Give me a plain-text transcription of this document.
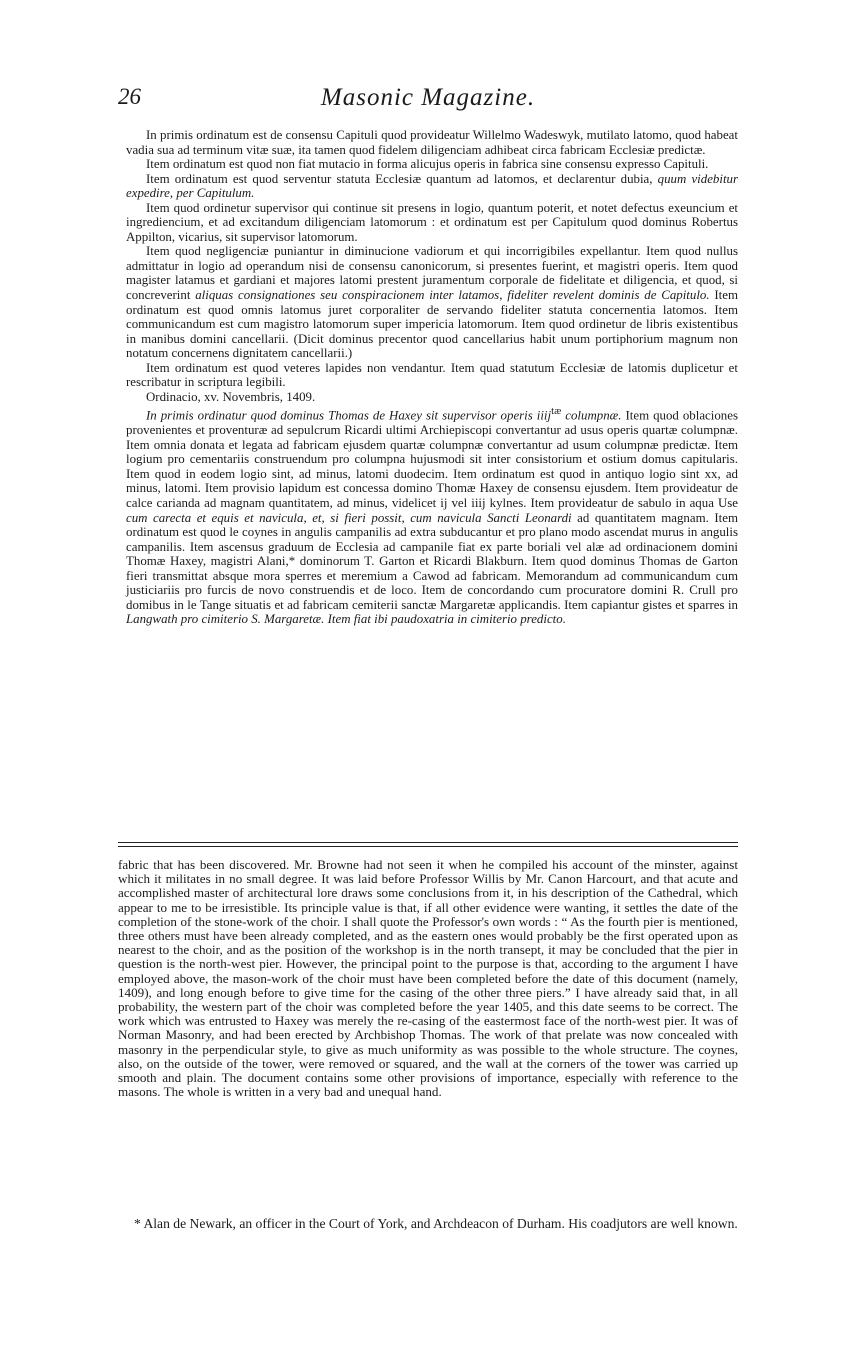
26	Masonic Magazine.

In primis ordinatum est de consensu Capituli quod provideatur Willelmo Wadeswyk, mutilato latomo, quod habeat vadia sua ad terminum vitæ suæ, ita tamen quod fidelem diligenciam adhibeat circa fabricam Ecclesiæ predictæ.

Item ordinatum est quod non fiat mutacio in forma alicujus operis in fabrica sine consensu expresso Capituli.

Item ordinatum est quod serventur statuta Ecclesiæ quantum ad latomos, et declarentur dubia, quum videbitur expedire, per Capitulum.

Item quod ordinetur supervisor qui continue sit presens in logio, quantum poterit, et notet defectus exeuncium et ingrediencium, et ad excitandum diligenciam latomorum : et ordinatum est per Capitulum quod dominus Robertus Appilton, vicarius, sit supervisor latomorum.

Item quod negligenciæ puniantur in diminucione vadiorum et qui incorrigibiles expellantur. Item quod nullus admittatur in logio ad operandum nisi de consensu canonicorum, si presentes fuerint, et magistri operis. Item quod magister latamus et gardiani et majores latomi prestent juramentum corporale de fidelitate et diligencia, et quod, si concreverint aliquas consignationes seu conspiracionem inter latamos, fideliter revelent dominis de Capitulo. Item ordinatum est quod omnis latomus juret corporaliter de servando fideliter statuta concernentia latomos. Item communicandum est cum magistro latomorum super impericia latomorum. Item quod ordinetur de libris existentibus in manibus domini cancellarii. (Dicit dominus precentor quod cancellarius habit unum portiphorium magnum non notatum concernens dignitatem cancellarii.)

Item ordinatum est quod veteres lapides non vendantur. Item quad statutum Ecclesiæ de latomis duplicetur et rescribatur in scriptura legibili.

Ordinacio, xv. Novembris, 1409.

In primis ordinatur quod dominus Thomas de Haxey sit supervisor operis iiij$^{tæ}$ columpnæ. Item quod oblaciones provenientes et proventuræ ad sepulcrum Ricardi ultimi Archiepiscopi convertantur ad usus operis quartæ columpnæ. Item omnia donata et legata ad fabricam ejusdem quartæ columpnæ convertantur ad usum columpnæ predictæ. Item logium pro cementariis construendum pro columpna hujusmodi sit inter consistorium et ostium domus capitularis. Item quod in eodem logio sint, ad minus, latomi duodecim. Item ordinatum est quod in antiquo logio sint xx, ad minus, latomi. Item provisio lapidum est concessa domino Thomæ Haxey de consensu ejusdem. Item provideatur de calce carianda ad magnam quantitatem, ad minus, videlicet ij vel iiij kylnes. Item provideatur de sabulo in aqua Use cum carecta et equis et navicula, et, si fieri possit, cum navicula Sancti Leonardi ad quantitatem magnam. Item ordinatum est quod le coynes in angulis campanilis ad extra subducantur et pro plano modo ascendat murus in angulis campanilis. Item ascensus graduum de Ecclesia ad campanile fiat ex parte boriali vel alæ ad ordinacionem domini Thomæ Haxey, magistri Alani,* dominorum T. Garton et Ricardi Blakburn. Item quod dominus Thomas de Garton fieri transmittat absque mora sperres et meremium a Cawod ad fabricam. Memorandum ad communicandum cum justiciariis pro furcis de novo construendis et de loco. Item de concordando cum procuratore domini R. Crull pro domibus in le Tange situatis et ad fabricam cemiterii sanctæ Margaretæ applicandis. Item capiantur gistes et sparres in Langwath pro cimiterio S. Margaretæ. Item fiat ibi paudoxatria in cimiterio predicto.

fabric that has been discovered. Mr. Browne had not seen it when he compiled his account of the minster, against which it militates in no small degree. It was laid before Professor Willis by Mr. Canon Harcourt, and that acute and accomplished master of architectural lore draws some conclusions from it, in his description of the Cathedral, which appear to me to be irresistible. Its principle value is that, if all other evidence were wanting, it settles the date of the completion of the stone-work of the choir. I shall quote the Professor's own words : “ As the fourth pier is mentioned, three others must have been already completed, and as the eastern ones would probably be the first operated upon as nearest to the choir, and as the position of the workshop is in the north transept, it may be concluded that the pier in question is the north-west pier. However, the principal point to the purpose is that, according to the argument I have employed above, the mason-work of the choir must have been completed before the date of this document (namely, 1409), and long enough before to give time for the casing of the other three piers.” I have already said that, in all probability, the western part of the choir was completed before the year 1405, and this date seems to be correct. The work which was entrusted to Haxey was merely the re-casing of the eastermost face of the north-west pier. It was of Norman Masonry, and had been erected by Archbishop Thomas. The work of that prelate was now concealed with masonry in the perpendicular style, to give as much uniformity as was possible to the whole structure. The coynes, also, on the outside of the tower, were removed or squared, and the wall at the corners of the tower was carried up smooth and plain. The document contains some other provisions of importance, especially with reference to the masons. The whole is written in a very bad and unequal hand.

* Alan de Newark, an officer in the Court of York, and Archdeacon of Durham. His coadjutors are well known.
